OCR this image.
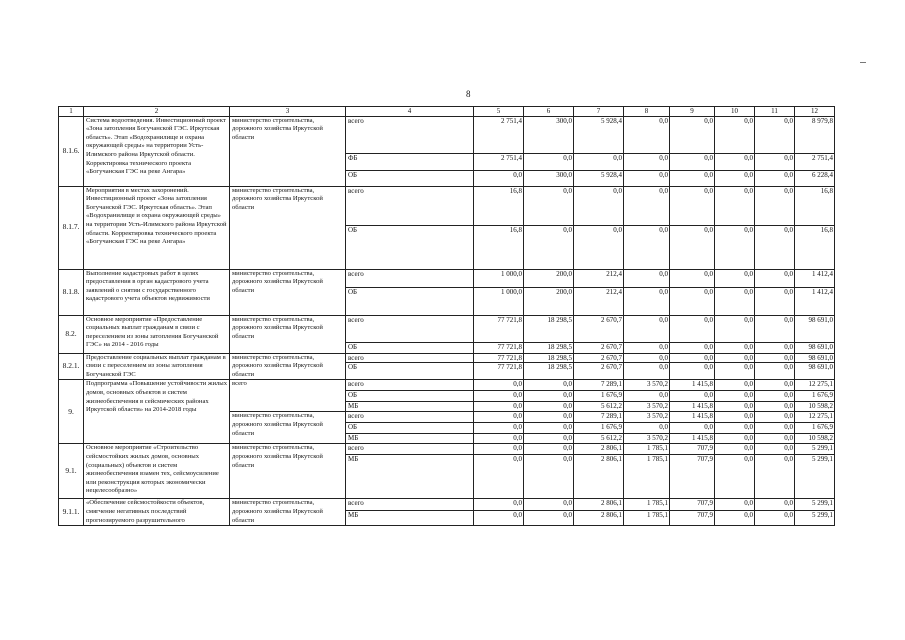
8
1	2	3	4	5	6	7	8	9	10	11	12
8.1.6.	Система водоотведения. Инвестиционный проект «Зона затопления Богучанской ГЭС. Иркутская область». Этап «Водохранилище и охрана окружающей среды» на территории Усть-Илимского района Иркутской области. Корректировка технического проекта «Богучанская ГЭС на реке Ангара»	министерство строительства, дорожного хозяйства Иркутской области	всего	2 751,4	300,0	5 928,4	0,0	0,0	0,0	0,0	8 979,8
			ФБ	2 751,4	0,0	0,0	0,0	0,0	0,0	0,0	2 751,4
			ОБ	0,0	300,0	5 928,4	0,0	0,0	0,0	0,0	6 228,4
8.1.7.	Мероприятия в местах захоронений. Инвестиционный проект «Зона затопления Богучанской ГЭС. Иркутская область». Этап «Водохранилище и охрана окружающей среды» на территории Усть-Илимского района Иркутской области. Корректировка технического проекта «Богучанская ГЭС на реке Ангара»	министерство строительства, дорожного хозяйства Иркутской области	всего	16,8	0,0	0,0	0,0	0,0	0,0	0,0	16,8
			ОБ	16,8	0,0	0,0	0,0	0,0	0,0	0,0	16,8
8.1.8.	Выполнение кадастровых работ в целях предоставления в орган кадастрового учета заявлений о снятии с государственного кадастрового учета объектов недвижимости	министерство строительства, дорожного хозяйства Иркутской области	всего	1 000,0	200,0	212,4	0,0	0,0	0,0	0,0	1 412,4
			ОБ	1 000,0	200,0	212,4	0,0	0,0	0,0	0,0	1 412,4
8.2.	Основное мероприятие «Предоставление социальных выплат гражданам в связи с переселением из зоны затопления Богучанской ГЭС» на 2014 - 2016 годы	министерство строительства, дорожного хозяйства Иркутской области	всего	77 721,8	18 298,5	2 670,7	0,0	0,0	0,0	0,0	98 691,0
			ОБ	77 721,8	18 298,5	2 670,7	0,0	0,0	0,0	0,0	98 691,0
8.2.1.	Предоставление социальных выплат гражданам в связи с переселением из зоны затопления Богучанской ГЭС	министерство строительства, дорожного хозяйства Иркутской области	всего	77 721,8	18 298,5	2 670,7	0,0	0,0	0,0	0,0	98 691,0
			ОБ	77 721,8	18 298,5	2 670,7	0,0	0,0	0,0	0,0	98 691,0
9.	Подпрограмма «Повышение устойчивости жилых домов, основных объектов и систем жизнеобеспечения в сейсмических районах Иркутской области» на 2014-2018 годы	всего	всего	0,0	0,0	7 289,1	3 570,2	1 415,8	0,0	0,0	12 275,1
			ОБ	0,0	0,0	1 676,9	0,0	0,0	0,0	0,0	1 676,9
			МБ	0,0	0,0	5 612,2	3 570,2	1 415,8	0,0	0,0	10 598,2
		министерство строительства, дорожного хозяйства Иркутской области	всего	0,0	0,0	7 289,1	3 570,2	1 415,8	0,0	0,0	12 275,1
			ОБ	0,0	0,0	1 676,9	0,0	0,0	0,0	0,0	1 676,9
			МБ	0,0	0,0	5 612,2	3 570,2	1 415,8	0,0	0,0	10 598,2
9.1.	Основное мероприятие «Строительство сейсмостойких жилых домов, основных (социальных) объектов и систем жизнеобеспечения взамен тех, сейсмоусиление или реконструкция которых экономически нецелесообразно»	министерство строительства, дорожного хозяйства Иркутской области	всего	0,0	0,0	2 806,1	1 785,1	707,9	0,0	0,0	5 299,1
			МБ	0,0	0,0	2 806,1	1 785,1	707,9	0,0	0,0	5 299,1
9.1.1.	«Обеспечение сейсмостойкости объектов, смягчение негативных последствий прогнозируемого разрушительного	министерство строительства, дорожного хозяйства Иркутской области	всего	0,0	0,0	2 806,1	1 785,1	707,9	0,0	0,0	5 299,1
			МБ	0,0	0,0	2 806,1	1 785,1	707,9	0,0	0,0	5 299,1
